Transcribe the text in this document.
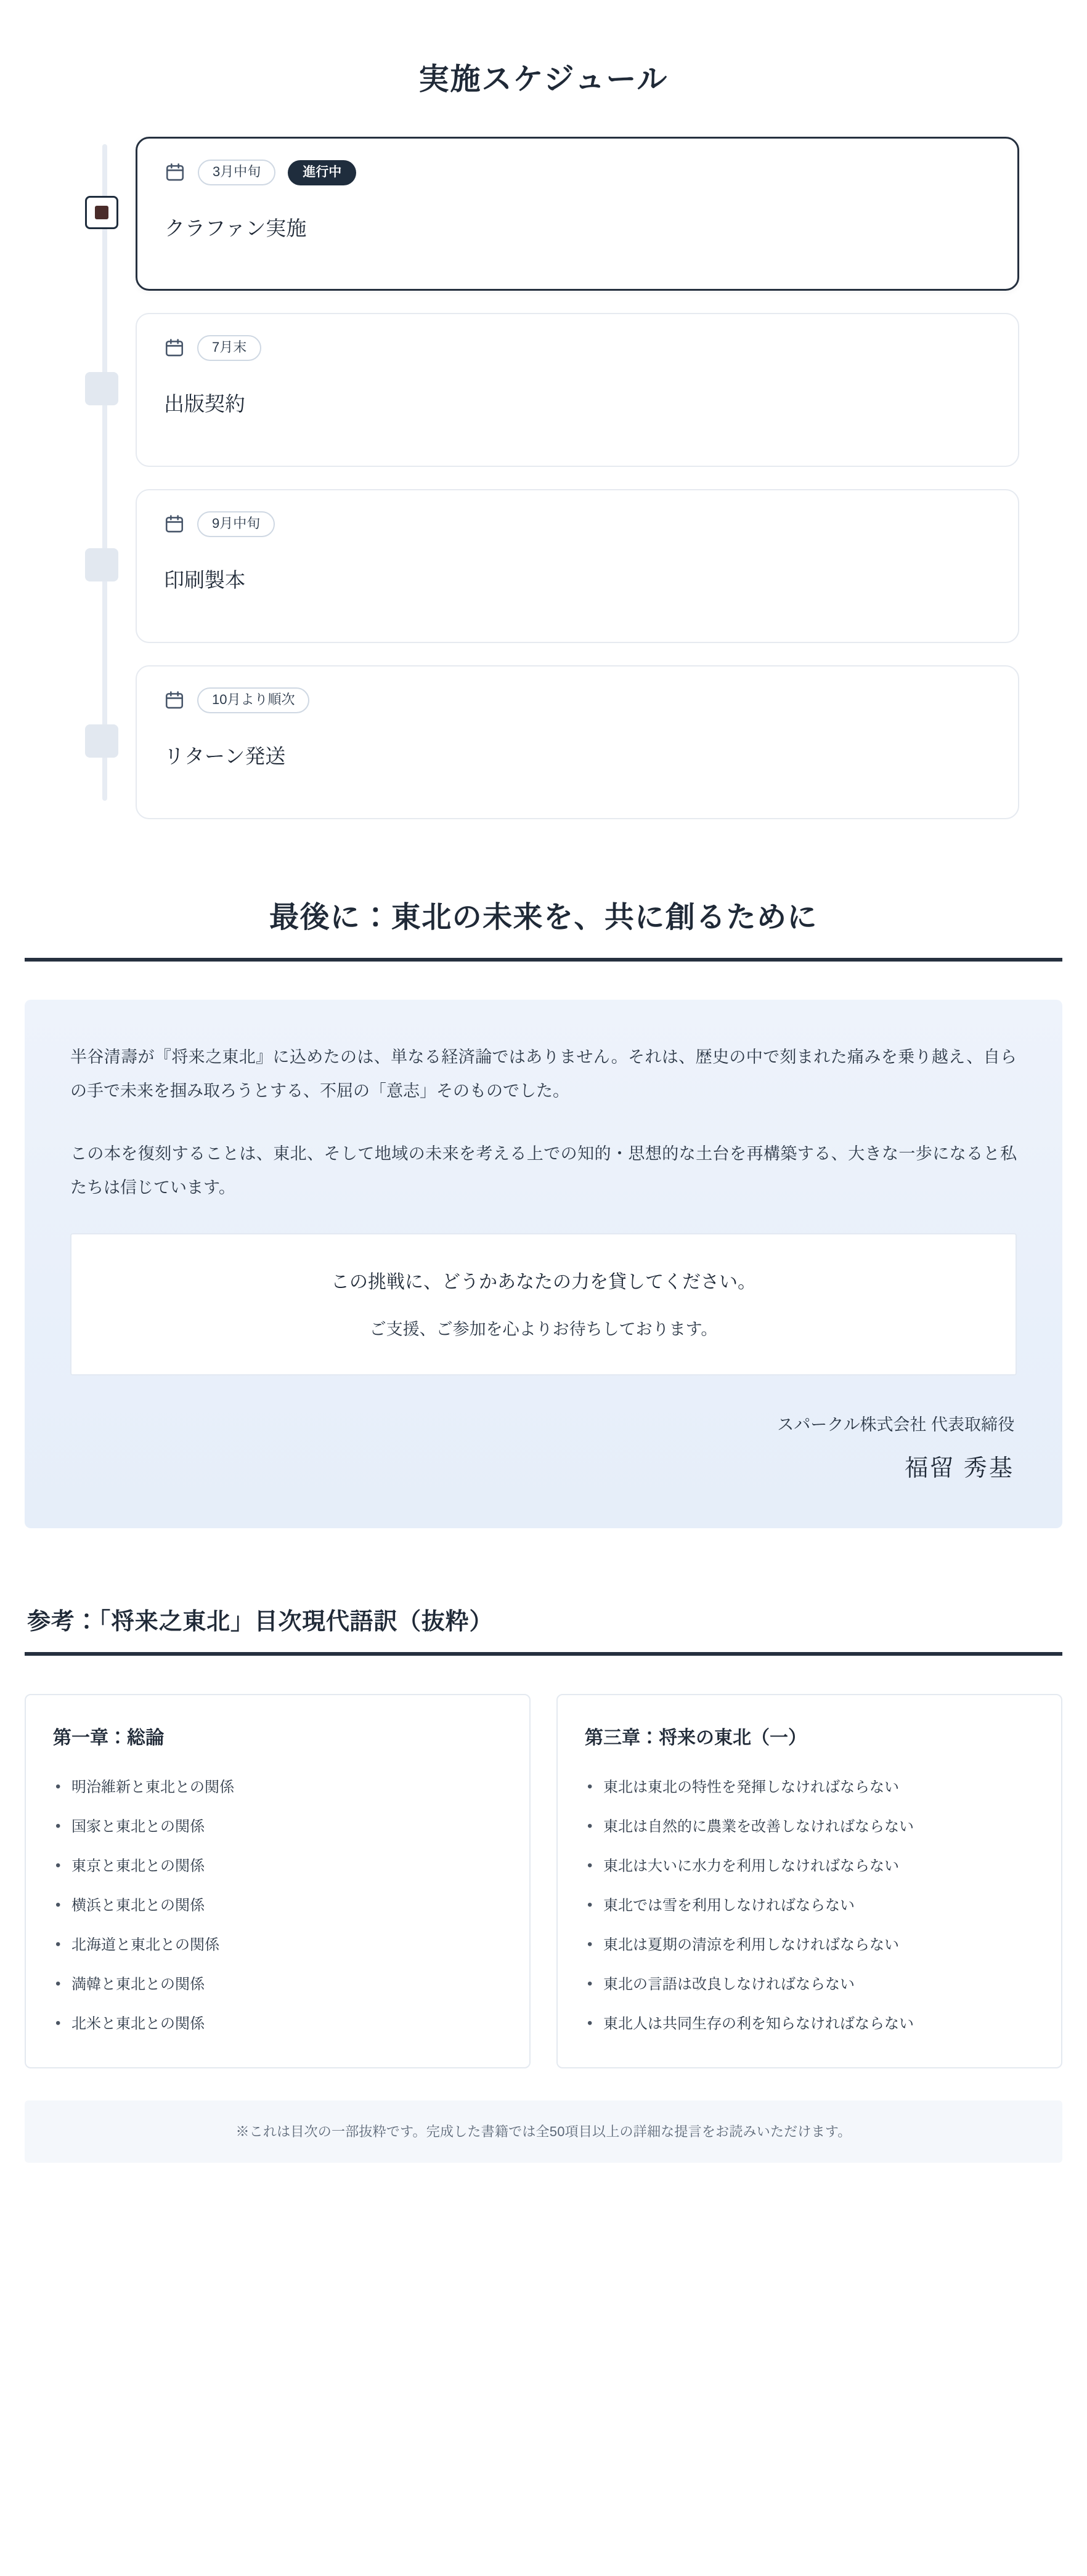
実施スケジュール
3月中旬	進行中
クラファン実施
7月末
出版契約
9月中旬
印刷製本
10月より順次
リターン発送
最後に：東北の未来を、共に創るために

半谷清壽が『将来之東北』に込めたのは、単なる経済論ではありません。それは、歴史の中で刻まれた痛みを乗り越え、自らの手で未来を掴み取ろうとする、不屈の「意志」そのものでした。

この本を復刻することは、東北、そして地域の未来を考える上での知的・思想的な土台を再構築する、大きな一歩になると私たちは信じています。

この挑戦に、どうかあなたの力を貸してください。

ご支援、ご参加を心よりお待ちしております。

スパークル株式会社 代表取締役

福留 秀基

参考：「将来之東北」目次現代語訳（抜粋）
第一章：総論
• 明治維新と東北との関係
• 国家と東北との関係
• 東京と東北との関係
• 横浜と東北との関係
• 北海道と東北との関係
• 満韓と東北との関係
• 北米と東北との関係
第三章：将来の東北（一）
• 東北は東北の特性を発揮しなければならない
• 東北は自然的に農業を改善しなければならない
• 東北は大いに水力を利用しなければならない
• 東北では雪を利用しなければならない
• 東北は夏期の清涼を利用しなければならない
• 東北の言語は改良しなければならない
• 東北人は共同生存の利を知らなければならない
※これは目次の一部抜粋です。完成した書籍では全50項目以上の詳細な提言をお読みいただけます。
